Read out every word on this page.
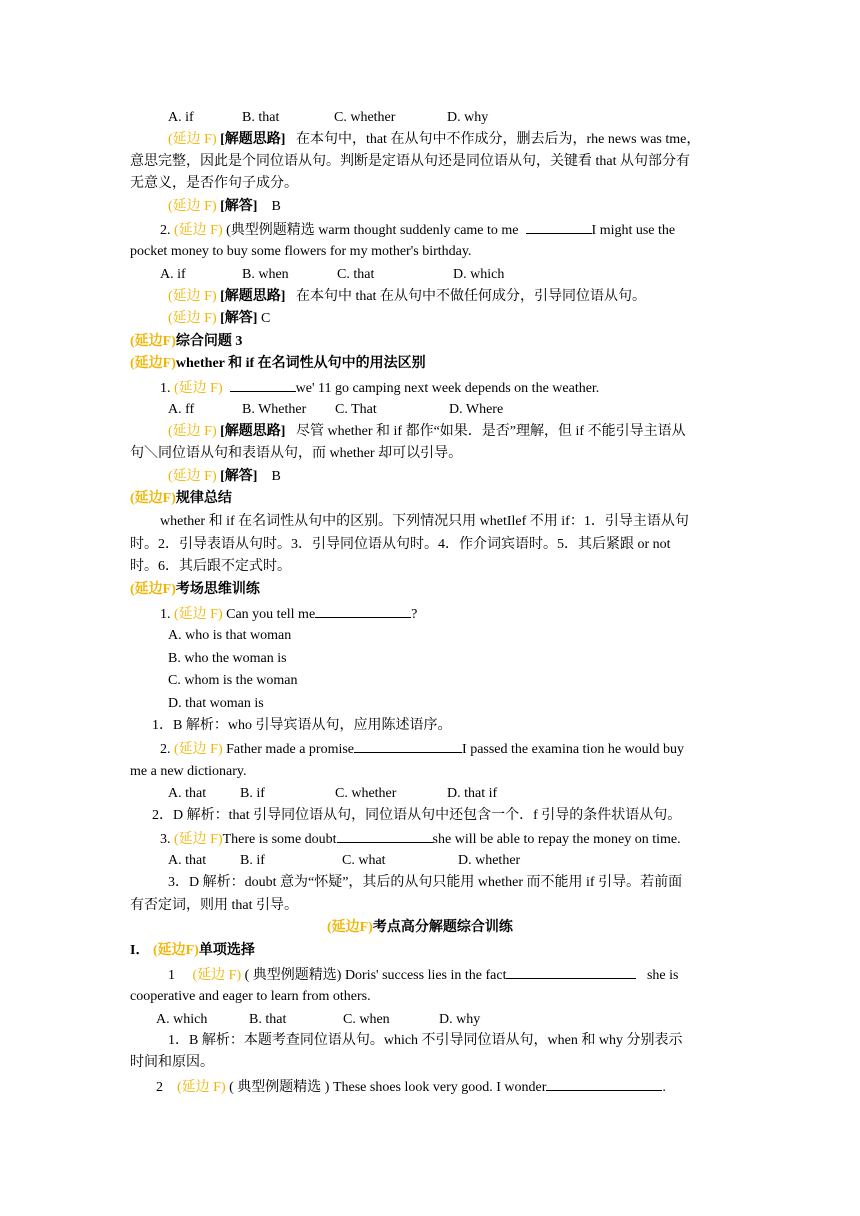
A. if	B. that	C. whether	D. why
(延边 F) [解题思路] 在本句中，that 在从句中不作成分，删去后为，rhe news was tme，
意思完整，因此是个同位语从句。判断是定语从句还是同位语从句，关键看 that 从句部分有
无意义，是否作句子成分。
(延边 F) [解答] B
2. (延边 F) (典型例题精选 warm thought suddenly came to me	I might use the
pocket money to buy some flowers for my mother's birthday.
A. if	B. when	C. that	D. which
(延边 F) [解题思路] 在本句中 that 在从句中不做任何成分，引导同位语从句。
(延边 F) [解答] C
(延边F)综合问题 3
(延边F)whether 和 if 在名词性从句中的用法区别
1. (延边 F)	we' 11 go camping next week depends on the weather.
A. ff	B. Whether C. That	D. Where
(延边 F) [解题思路] 尽管 whether 和 if 都作“如果．是否”理解，但 if 不能引导主语从
句＼同位语从句和表语从句，而 whether 却可以引导。
(延边 F) [解答] B
(延边F)规律总结
whether 和 if 在名词性从句中的区别。下列情况只用 whetIlef 不用 if：1．引导主语从句
时。2．引导表语从句时。3．引导同位语从句时。4．作介词宾语时。5．其后紧跟 or not
时。6．其后跟不定式时。
(延边F)考场思维训练
1. (延边 F) Can you tell me	?
A. who is that woman
B. who the woman is
C. whom is the woman
D. that woman is
1．B 解析：who 引导宾语从句，应用陈述语序。
2. (延边 F) Father made a promise	I passed the examina tion he would buy
me a new dictionary.
A. that B. if	C. whether	D. that if
2．D 解析：that 引导同位语从句，同位语从句中还包含一个．f 引导的条件状语从句。
3. (延边 F)There is some doubt	she will be able to repay the money on time.
A. that B. if	C. what	D. whether
3．D 解析：doubt 意为“怀疑”，其后的从句只能用 whether 而不能用 if 引导。若前面
有否定词，则用 that 引导。
(延边F)考点高分解题综合训练
I． (延边F)单项选择
1 (延边 F) ( 典型例题精选) Doris' success lies in the fact	she is
cooperative and eager to learn from others.
A. which	B. that	C. when	D. why
1．B 解析：本题考查同位语从句。which 不引导同位语从句，when 和 why 分别表示
时间和原因。
2 (延边 F) ( 典型例题精选 ) These shoes look very good. I wonder	.
